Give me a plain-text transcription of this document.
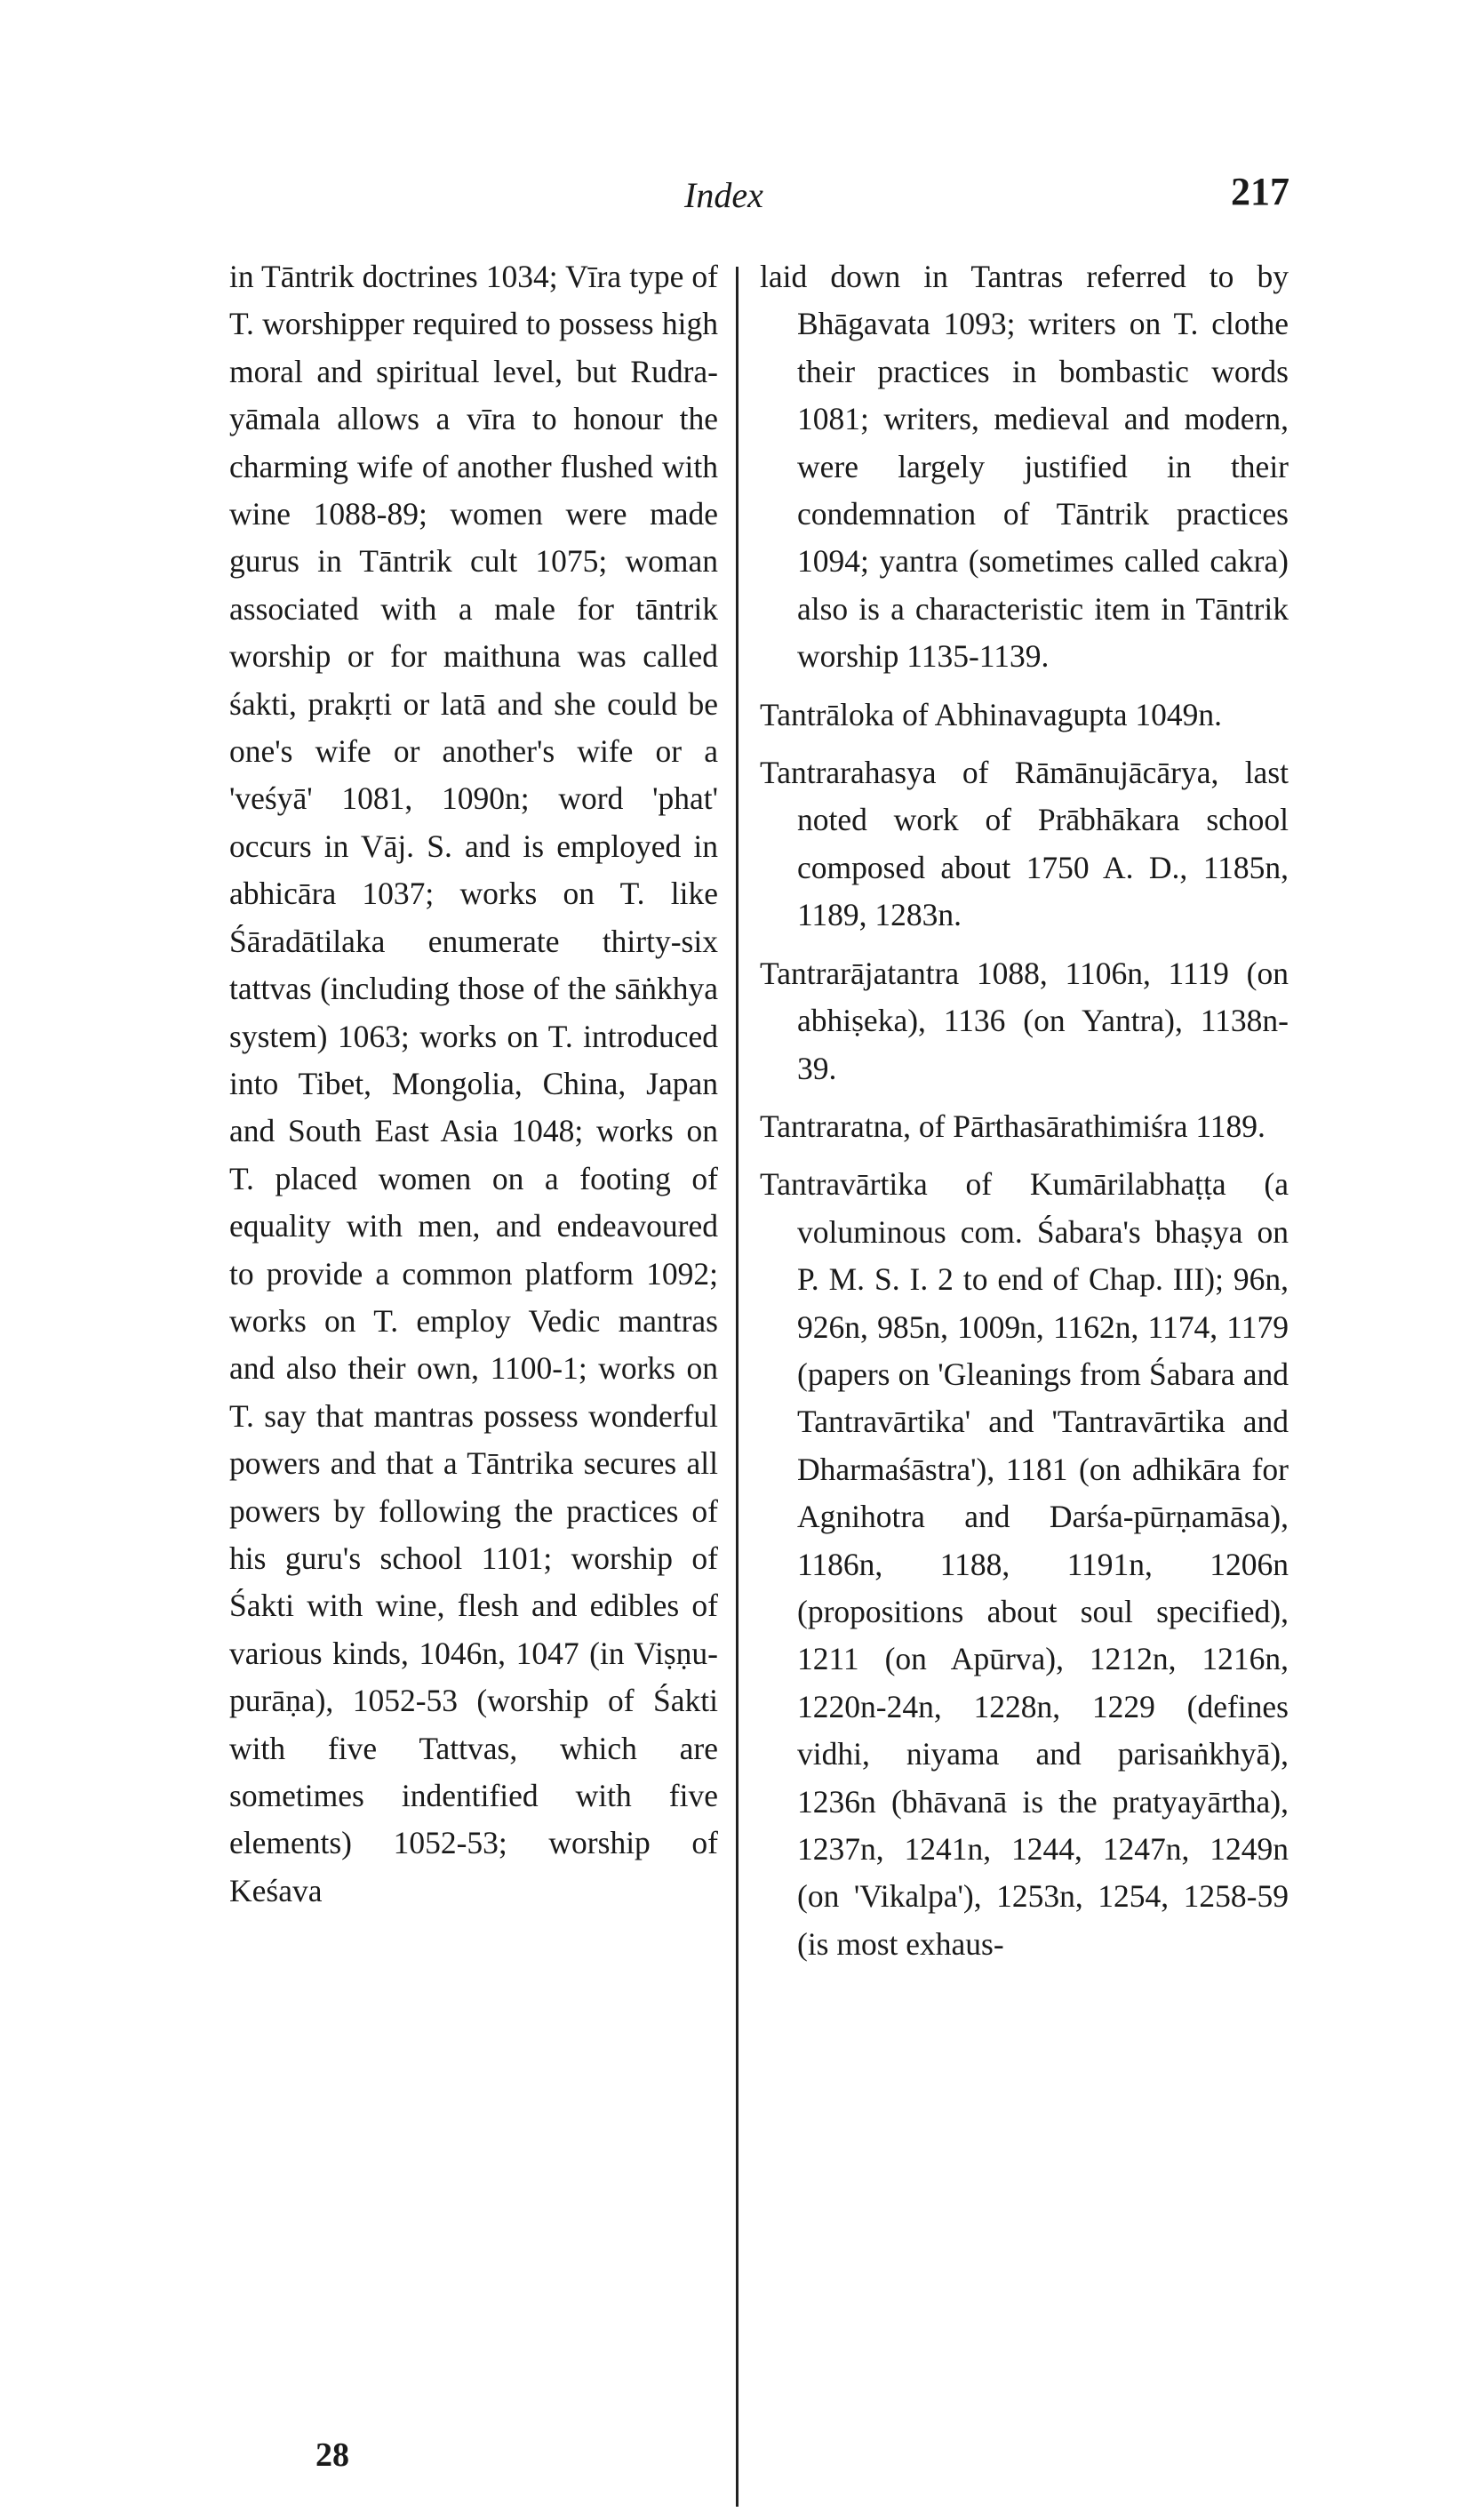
Index	217

in Tāntrik doctrines 1034; Vīra type of T. worshipper required to possess high moral and spiritual level, but Rudra-yāmala allows a vīra to honour the charming wife of another flushed with wine 1088-89; women were made gurus in Tāntrik cult 1075; woman associated with a male for tāntrik worship or for maithuna was called śakti, prakṛti or latā and she could be one's wife or another's wife or a 'veśyā' 1081, 1090n; word 'phat' occurs in Vāj. S. and is employed in abhicāra 1037; works on T. like Śāradātilaka enumerate thirty-six tattvas (including those of the sāṅkhya system) 1063; works on T. introduced into Tibet, Mongolia, China, Japan and South East Asia 1048; works on T. placed women on a footing of equality with men, and endeavoured to provide a common platform 1092; works on T. employ Vedic mantras and also their own, 1100-1; works on T. say that mantras possess wonderful powers and that a Tāntrika secures all powers by following the practices of his guru's school 1101; worship of Śakti with wine, flesh and edibles of various kinds, 1046n, 1047 (in Viṣṇu-purāṇa), 1052-53 (worship of Śakti with five Tattvas, which are sometimes indentified with five elements) 1052-53; worship of Keśava

laid down in Tantras referred to by Bhāgavata 1093; writers on T. clothe their practices in bombastic words 1081; writers, medieval and modern, were largely justified in their condemnation of Tāntrik practices 1094; yantra (sometimes called cakra) also is a characteristic item in Tāntrik worship 1135-1139.

Tantrāloka of Abhinavagupta 1049n.

Tantrarahasya of Rāmānujācārya, last noted work of Prābhākara school composed about 1750 A. D., 1185n, 1189, 1283n.

Tantrarājatantra 1088, 1106n, 1119 (on abhiṣeka), 1136 (on Yantra), 1138n-39.

Tantraratna, of Pārthasārathimiśra 1189.

Tantravārtika of Kumārilabhaṭṭa (a voluminous com. Śabara's bhaṣya on P. M. S. I. 2 to end of Chap. III); 96n, 926n, 985n, 1009n, 1162n, 1174, 1179 (papers on 'Gleanings from Śabara and Tantravārtika' and 'Tantravārtika and Dharmaśāstra'), 1181 (on adhikāra for Agnihotra and Darśa-pūrṇamāsa), 1186n, 1188, 1191n, 1206n (propositions about soul specified), 1211 (on Apūrva), 1212n, 1216n, 1220n-24n, 1228n, 1229 (defines vidhi, niyama and parisaṅkhyā), 1236n (bhāvanā is the pratyayārtha), 1237n, 1241n, 1244, 1247n, 1249n (on 'Vikalpa'), 1253n, 1254, 1258-59 (is most exhaus-

28
